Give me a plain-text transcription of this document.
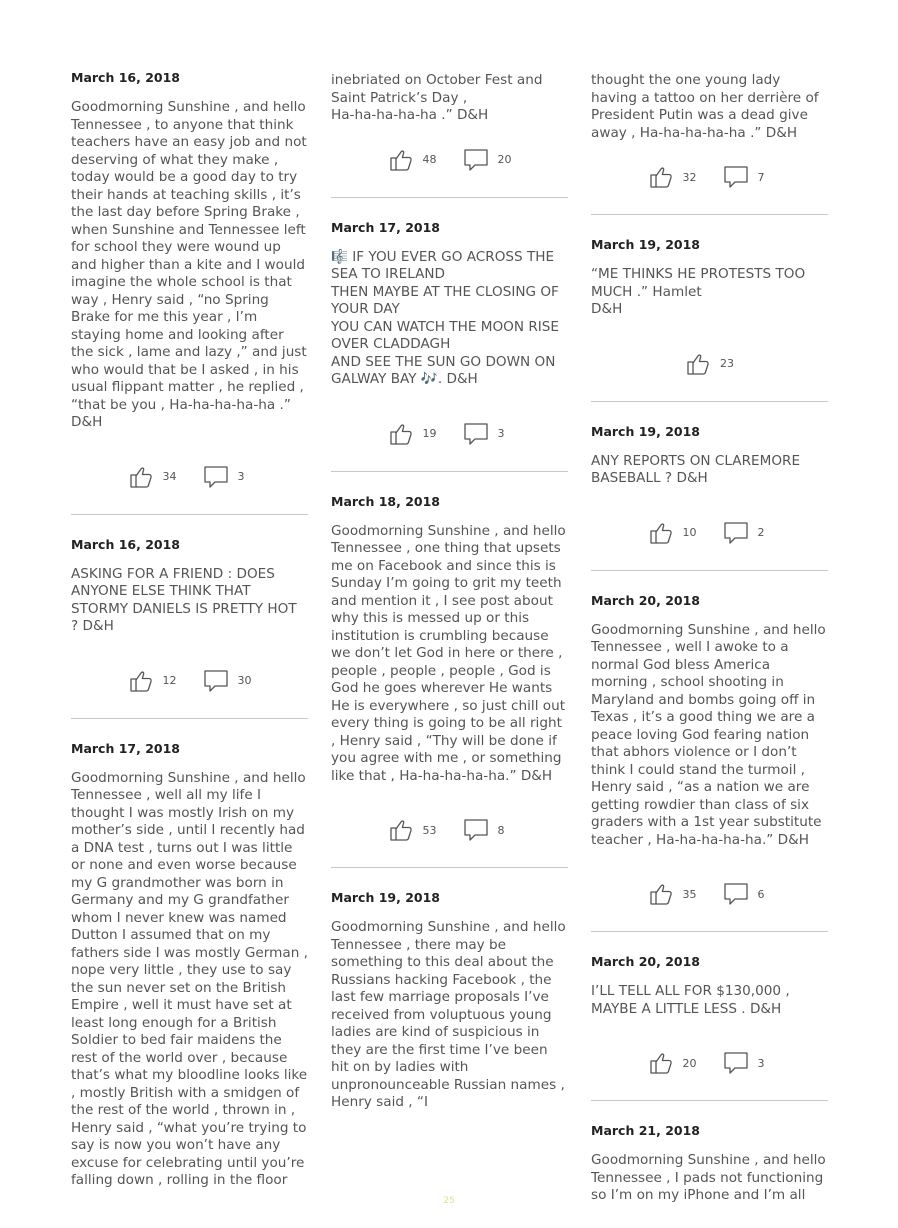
March 16, 2018
Goodmorning Sunshine , and hello Tennessee , to anyone that think teachers have an easy job and not deserving of what they make , today would be a good day to try their hands at teaching skills , it’s the last day before Spring Brake , when Sunshine and Tennessee left for school they were wound up and higher than a kite and I would imagine the whole school is that way , Henry said , “no Spring Brake for me this year , I’m staying home and looking after the sick , lame and lazy ,” and just who would that be I asked , in his usual flippant matter , he replied , “that be you , Ha-ha-ha-ha-ha .” D&H
34	3
March 16, 2018
ASKING FOR A FRIEND : DOES ANYONE ELSE THINK THAT STORMY DANIELS IS PRETTY HOT ? D&H
12	30
March 17, 2018
Goodmorning Sunshine , and hello Tennessee , well all my life I thought I was mostly Irish on my mother’s side , until I recently had a DNA test , turns out I was little or none and even worse because my G grandmother was born in Germany and my G grandfather whom I never knew was named Dutton I assumed that on my fathers side I was mostly German , nope very little , they use to say the sun never set on the British Empire , well it must have set at least long enough for a British Soldier to bed fair maidens the rest of the world over , because that’s what my bloodline looks like , mostly British with a smidgen of the rest of the world , thrown in , Henry said , “what you’re trying to say is now you won’t have any excuse for celebrating until you’re falling down , rolling in the floor
inebriated on October Fest and Saint Patrick’s Day ,
Ha-ha-ha-ha-ha .” D&H
48	20
March 17, 2018
🎼 IF YOU EVER GO ACROSS THE SEA TO IRELAND
THEN MAYBE AT THE CLOSING OF YOUR DAY
YOU CAN WATCH THE MOON RISE OVER CLADDAGH
AND SEE THE SUN GO DOWN ON GALWAY BAY 🎶. D&H
19	3
March 18, 2018
Goodmorning Sunshine , and hello Tennessee , one thing that upsets me on Facebook and since this is Sunday I’m going to grit my teeth and mention it , I see post about why this is messed up or this institution is crumbling because we don’t let God in here or there , people , people , people , God is God he goes wherever He wants He is everywhere , so just chill out every thing is going to be all right , Henry said , “Thy will be done if you agree with me , or something like that , Ha-ha-ha-ha-ha.” D&H
53	8
March 19, 2018
Goodmorning Sunshine , and hello Tennessee , there may be something to this deal about the Russians hacking Facebook , the last few marriage proposals I’ve received from voluptuous young ladies are kind of suspicious in they are the first time I’ve been hit on by ladies with unpronounceable Russian names , Henry said , “I
thought the one young lady having a tattoo on her derrière of President Putin was a dead give away , Ha-ha-ha-ha-ha .” D&H
32	7
March 19, 2018
“ME THINKS HE PROTESTS TOO MUCH .” Hamlet
D&H
23
March 19, 2018
ANY REPORTS ON CLAREMORE BASEBALL ? D&H
10	2
March 20, 2018
Goodmorning Sunshine , and hello Tennessee , well I awoke to a normal God bless America morning , school shooting in Maryland and bombs going off in Texas , it’s a good thing we are a peace loving God fearing nation that abhors violence or I don’t think I could stand the turmoil , Henry said , “as a nation we are getting rowdier than class of six graders with a 1st year substitute teacher , Ha-ha-ha-ha-ha.” D&H
35	6
March 20, 2018
I’LL TELL ALL FOR $130,000 , MAYBE A LITTLE LESS . D&H
20	3
March 21, 2018
Goodmorning Sunshine , and hello Tennessee , I pads not functioning so I’m on my iPhone and I’m all
25
